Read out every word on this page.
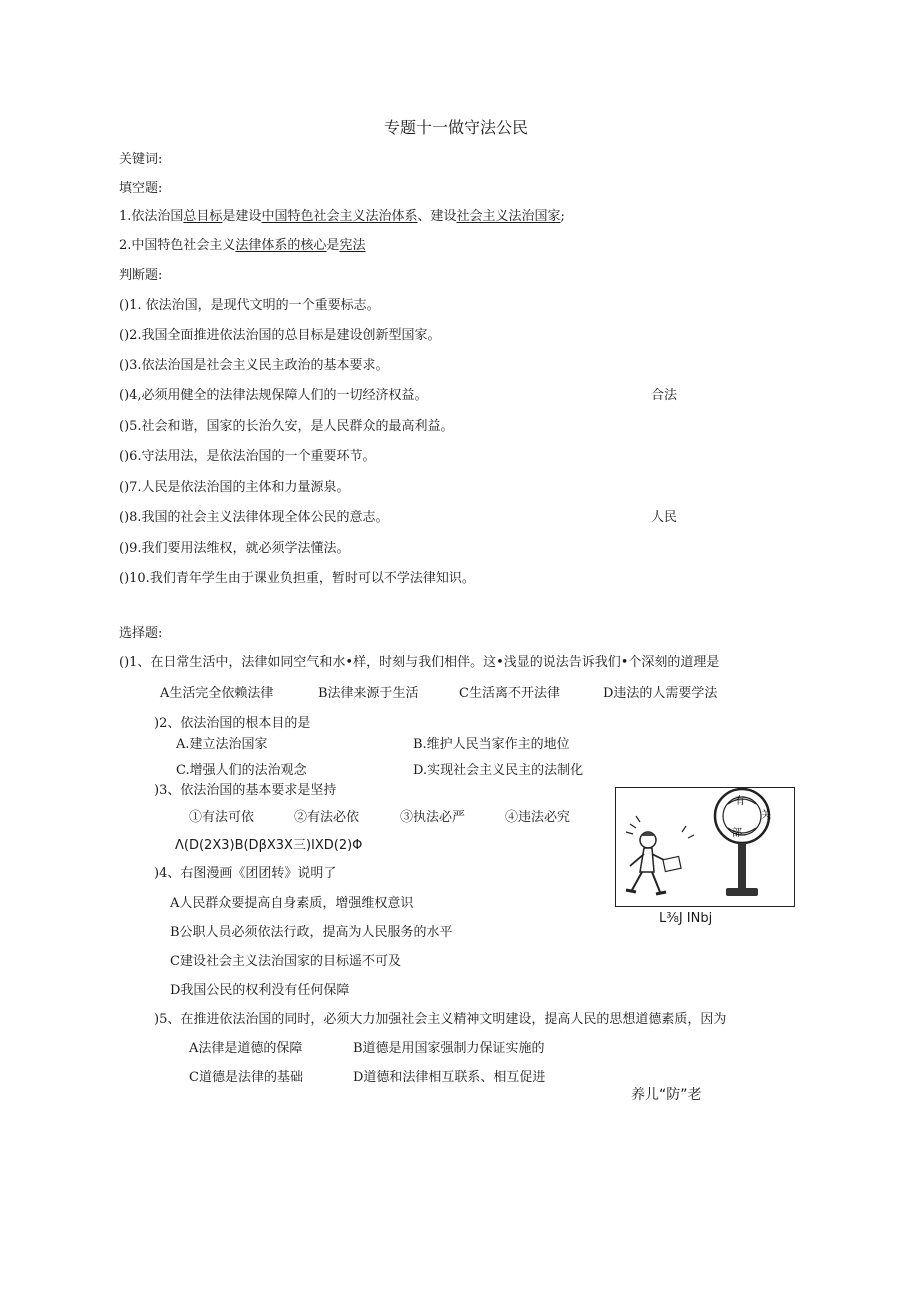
专题十一做守法公民
关键词:
填空题:
1.依法治国总目标是建设中国特色社会主义法治体系、建设社会主义法治国家;
2.中国特色社会主义法律体系的核心是宪法
判断题:
()1. 依法治国，是现代文明的一个重要标志。
()2.我国全面推进依法治国的总目标是建设创新型国家。
()3.依法治国是社会主义民主政治的基本要求。
()4,必须用健全的法律法规保障人们的一切经济权益。
()5.社会和谐，国家的长治久安，是人民群众的最高利益。
()6.守法用法，是依法治国的一个重要环节。
()7.人民是依法治国的主体和力量源泉。
()8.我国的社会主义法律体现全体公民的意志。
()9.我们要用法维权，就必须学法懂法。
()10.我们青年学生由于课业负担重，暂时可以不学法律知识。
合法
人民
选择题:
()1、在日常生活中，法律如同空气和水•样，时刻与我们相伴。这•浅显的说法告诉我们•个深刻的道理是
A生活完全依赖法律	B法律来源于生活	C生活离不开法律	D违法的人需要学法
)2、依法治国的根本目的是
A.建立法治国家	B.维护人民当家作主的地位
C.增强人们的法治观念	D.实现社会主义民主的法制化
)3、依法治国的基本要求是坚持
①有法可依	②有法必依	③执法必严	④违法必究
Λ(D(2X3)B(DβX3X三)IXD(2)Φ
)4、右图漫画《团团转》说明了
A人民群众要提高自身素质，增强维权意识
B公职人员必须依法行政，提高为人民服务的水平
C建设社会主义法治国家的目标遥不可及
D我国公民的权利没有任何保障
)5、在推进依法治国的同时，必须大力加强社会主义精神文明建设，提高人民的思想道德素质，因为
A法律是道德的保障	B道德是用国家强制力保证实施的
C道德是法律的基础	D道德和法律相互联系、相互促进
有
关
部
L⅜J INbj
养儿“防”老
